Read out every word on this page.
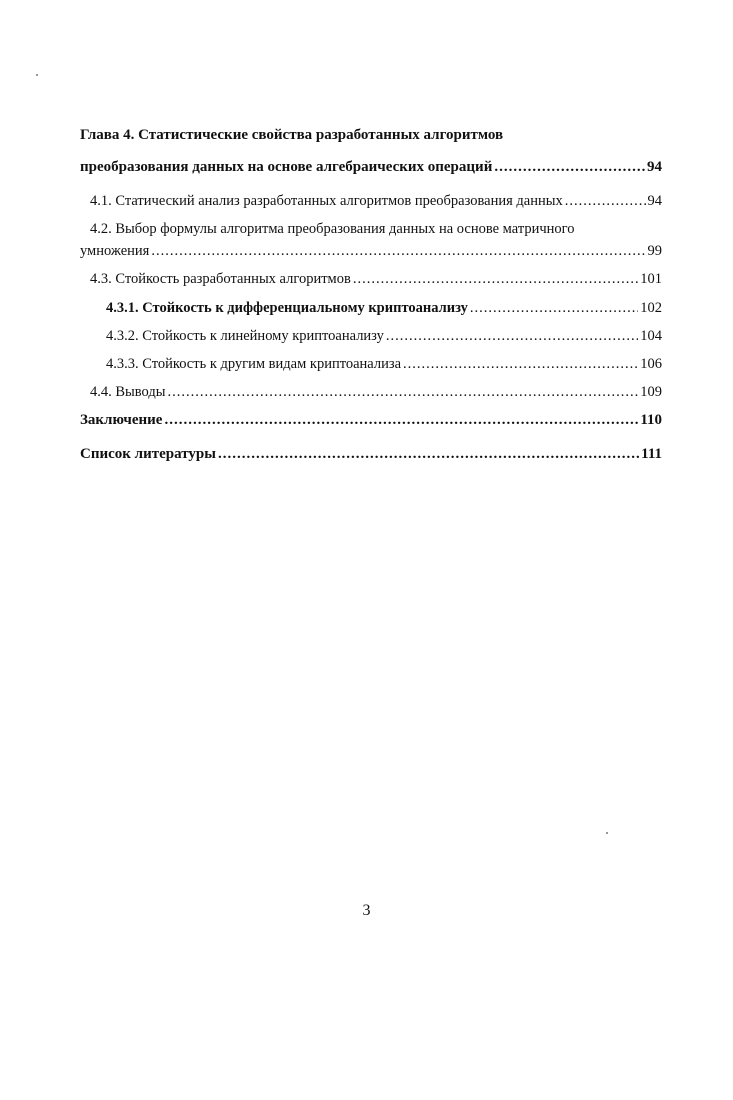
Глава 4. Статистические свойства разработанных алгоритмов
преобразования данных на основе алгебраических операций .....	94
4.1. Статический анализ разработанных алгоритмов преобразования данных .....	94
4.2. Выбор формулы алгоритма преобразования данных на основе матричного
умножения .....	99
4.3. Стойкость разработанных алгоритмов .....	101
4.3.1. Стойкость к дифференциальному криптоанализу .....	102
4.3.2. Стойкость к линейному криптоанализу .....	104
4.3.3. Стойкость к другим видам криптоанализа .....	106
4.4. Выводы .....	109
Заключение .....	110
Список литературы .....	111
3
